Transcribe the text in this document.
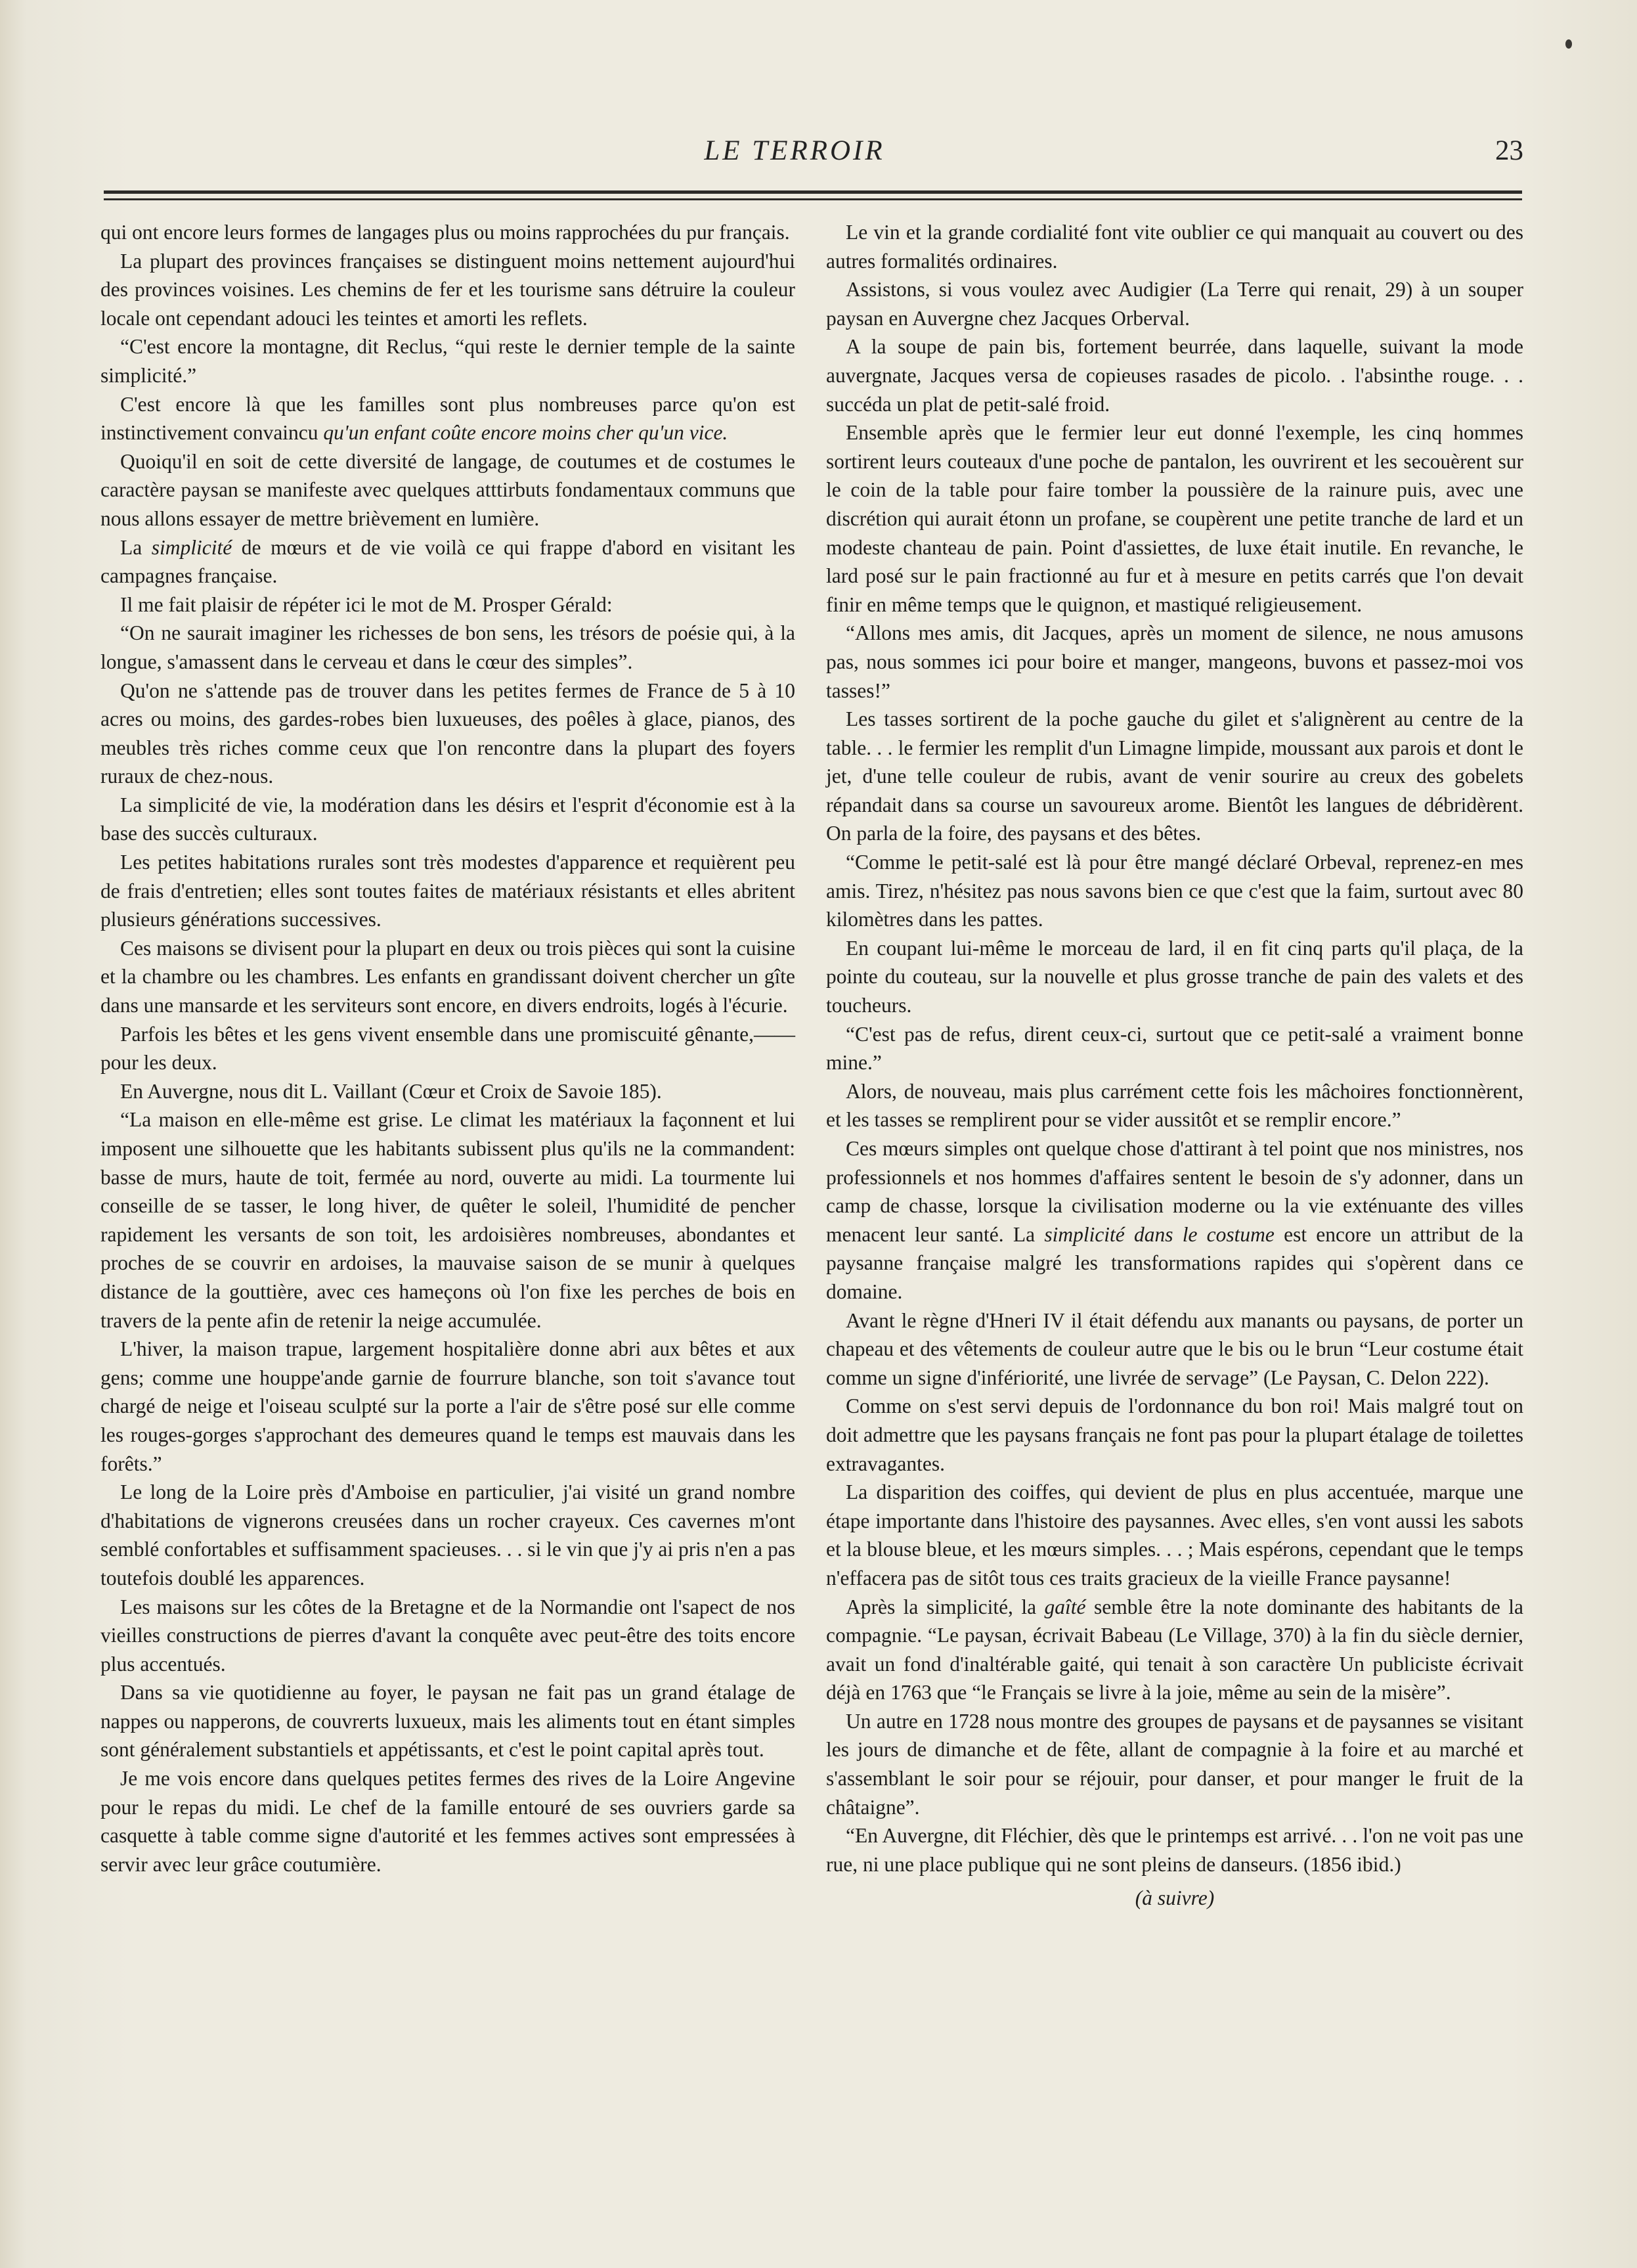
LE TERROIR	23

qui ont encore leurs formes de langages plus ou moins rapprochées du pur français.

La plupart des provinces françaises se distinguent moins nettement aujourd'hui des provinces voisines. Les chemins de fer et les tourisme sans détruire la couleur locale ont cependant adouci les teintes et amorti les reflets.

“C'est encore la montagne, dit Reclus, “qui reste le dernier temple de la sainte simplicité.”

C'est encore là que les familles sont plus nombreuses parce qu'on est instinctivement convaincu qu'un enfant coûte encore moins cher qu'un vice.

Quoiqu'il en soit de cette diversité de langage, de coutumes et de costumes le caractère paysan se manifeste avec quelques atttirbuts fondamentaux communs que nous allons essayer de mettre brièvement en lumière.

La simplicité de mœurs et de vie voilà ce qui frappe d'abord en visitant les campagnes française.

Il me fait plaisir de répéter ici le mot de M. Prosper Gérald:

“On ne saurait imaginer les richesses de bon sens, les trésors de poésie qui, à la longue, s'amassent dans le cerveau et dans le cœur des simples”.

Qu'on ne s'attende pas de trouver dans les petites fermes de France de 5 à 10 acres ou moins, des gardes-robes bien luxueuses, des poêles à glace, pianos, des meubles très riches comme ceux que l'on rencontre dans la plupart des foyers ruraux de chez-nous.

La simplicité de vie, la modération dans les désirs et l'esprit d'économie est à la base des succès culturaux.

Les petites habitations rurales sont très modestes d'apparence et requièrent peu de frais d'entretien; elles sont toutes faites de matériaux résistants et elles abritent plusieurs générations successives.

Ces maisons se divisent pour la plupart en deux ou trois pièces qui sont la cuisine et la chambre ou les chambres. Les enfants en grandissant doivent chercher un gîte dans une mansarde et les serviteurs sont encore, en divers endroits, logés à l'écurie.

Parfois les bêtes et les gens vivent ensemble dans une promiscuité gênante,——pour les deux.

En Auvergne, nous dit L. Vaillant (Cœur et Croix de Savoie 185).

“La maison en elle-même est grise. Le climat les matériaux la façonnent et lui imposent une silhouette que les habitants subissent plus qu'ils ne la commandent: basse de murs, haute de toit, fermée au nord, ouverte au midi. La tourmente lui conseille de se tasser, le long hiver, de quêter le soleil, l'humidité de pencher rapidement les versants de son toit, les ardoisières nombreuses, abondantes et proches de se couvrir en ardoises, la mauvaise saison de se munir à quelques distance de la gouttière, avec ces hameçons où l'on fixe les perches de bois en travers de la pente afin de retenir la neige accumulée.

L'hiver, la maison trapue, largement hospitalière donne abri aux bêtes et aux gens; comme une houppe'ande garnie de fourrure blanche, son toit s'avance tout chargé de neige et l'oiseau sculpté sur la porte a l'air de s'être posé sur elle comme les rouges-gorges s'approchant des demeures quand le temps est mauvais dans les forêts.”

Le long de la Loire près d'Amboise en particulier, j'ai visité un grand nombre d'habitations de vignerons creusées dans un rocher crayeux. Ces cavernes m'ont semblé confortables et suffisamment spacieuses. . . si le vin que j'y ai pris n'en a pas toutefois doublé les apparences.

Les maisons sur les côtes de la Bretagne et de la Normandie ont l'sapect de nos vieilles constructions de pierres d'avant la conquête avec peut-être des toits encore plus accentués.

Dans sa vie quotidienne au foyer, le paysan ne fait pas un grand étalage de nappes ou napperons, de couvrerts luxueux, mais les aliments tout en étant simples sont généralement substantiels et appétissants, et c'est le point capital après tout.

Je me vois encore dans quelques petites fermes des rives de la Loire Angevine pour le repas du midi. Le chef de la famille entouré de ses ouvriers garde sa casquette à table comme signe d'autorité et les femmes actives sont empressées à servir avec leur grâce coutumière.

Le vin et la grande cordialité font vite oublier ce qui manquait au couvert ou des autres formalités ordinaires.

Assistons, si vous voulez avec Audigier (La Terre qui renait, 29) à un souper paysan en Auvergne chez Jacques Orberval.

A la soupe de pain bis, fortement beurrée, dans laquelle, suivant la mode auvergnate, Jacques versa de copieuses rasades de picolo. . l'absinthe rouge. . . succéda un plat de petit-salé froid.

Ensemble après que le fermier leur eut donné l'exemple, les cinq hommes sortirent leurs couteaux d'une poche de pantalon, les ouvrirent et les secouèrent sur le coin de la table pour faire tomber la poussière de la rainure puis, avec une discrétion qui aurait étonn un profane, se coupèrent une petite tranche de lard et un modeste chanteau de pain. Point d'assiettes, de luxe était inutile. En revanche, le lard posé sur le pain fractionné au fur et à mesure en petits carrés que l'on devait finir en même temps que le quignon, et mastiqué religieusement.

“Allons mes amis, dit Jacques, après un moment de silence, ne nous amusons pas, nous sommes ici pour boire et manger, mangeons, buvons et passez-moi vos tasses!”

Les tasses sortirent de la poche gauche du gilet et s'alignèrent au centre de la table. . . le fermier les remplit d'un Limagne limpide, moussant aux parois et dont le jet, d'une telle couleur de rubis, avant de venir sourire au creux des gobelets répandait dans sa course un savoureux arome. Bientôt les langues de débridèrent. On parla de la foire, des paysans et des bêtes.

“Comme le petit-salé est là pour être mangé déclaré Orbeval, reprenez-en mes amis. Tirez, n'hésitez pas nous savons bien ce que c'est que la faim, surtout avec 80 kilomètres dans les pattes.

En coupant lui-même le morceau de lard, il en fit cinq parts qu'il plaça, de la pointe du couteau, sur la nouvelle et plus grosse tranche de pain des valets et des toucheurs.

“C'est pas de refus, dirent ceux-ci, surtout que ce petit-salé a vraiment bonne mine.”

Alors, de nouveau, mais plus carrément cette fois les mâchoires fonctionnèrent, et les tasses se remplirent pour se vider aussitôt et se remplir encore.”

Ces mœurs simples ont quelque chose d'attirant à tel point que nos ministres, nos professionnels et nos hommes d'affaires sentent le besoin de s'y adonner, dans un camp de chasse, lorsque la civilisation moderne ou la vie exténuante des villes menacent leur santé. La simplicité dans le costume est encore un attribut de la paysanne française malgré les transformations rapides qui s'opèrent dans ce domaine.

Avant le règne d'Hneri IV il était défendu aux manants ou paysans, de porter un chapeau et des vêtements de couleur autre que le bis ou le brun “Leur costume était comme un signe d'infériorité, une livrée de servage” (Le Paysan, C. Delon 222).

Comme on s'est servi depuis de l'ordonnance du bon roi! Mais malgré tout on doit admettre que les paysans français ne font pas pour la plupart étalage de toilettes extravagantes.

La disparition des coiffes, qui devient de plus en plus accentuée, marque une étape importante dans l'histoire des paysannes. Avec elles, s'en vont aussi les sabots et la blouse bleue, et les mœurs simples. . . ; Mais espérons, cependant que le temps n'effacera pas de sitôt tous ces traits gracieux de la vieille France paysanne!

Après la simplicité, la gaîté semble être la note dominante des habitants de la compagnie. “Le paysan, écrivait Babeau (Le Village, 370) à la fin du siècle dernier, avait un fond d'inaltérable gaité, qui tenait à son caractère Un publiciste écrivait déjà en 1763 que “le Français se livre à la joie, même au sein de la misère”.

Un autre en 1728 nous montre des groupes de paysans et de paysannes se visitant les jours de dimanche et de fête, allant de compagnie à la foire et au marché et s'assemblant le soir pour se réjouir, pour danser, et pour manger le fruit de la châtaigne”.

“En Auvergne, dit Fléchier, dès que le printemps est arrivé. . . l'on ne voit pas une rue, ni une place publique qui ne sont pleins de danseurs. (1856 ibid.)

(à suivre)
